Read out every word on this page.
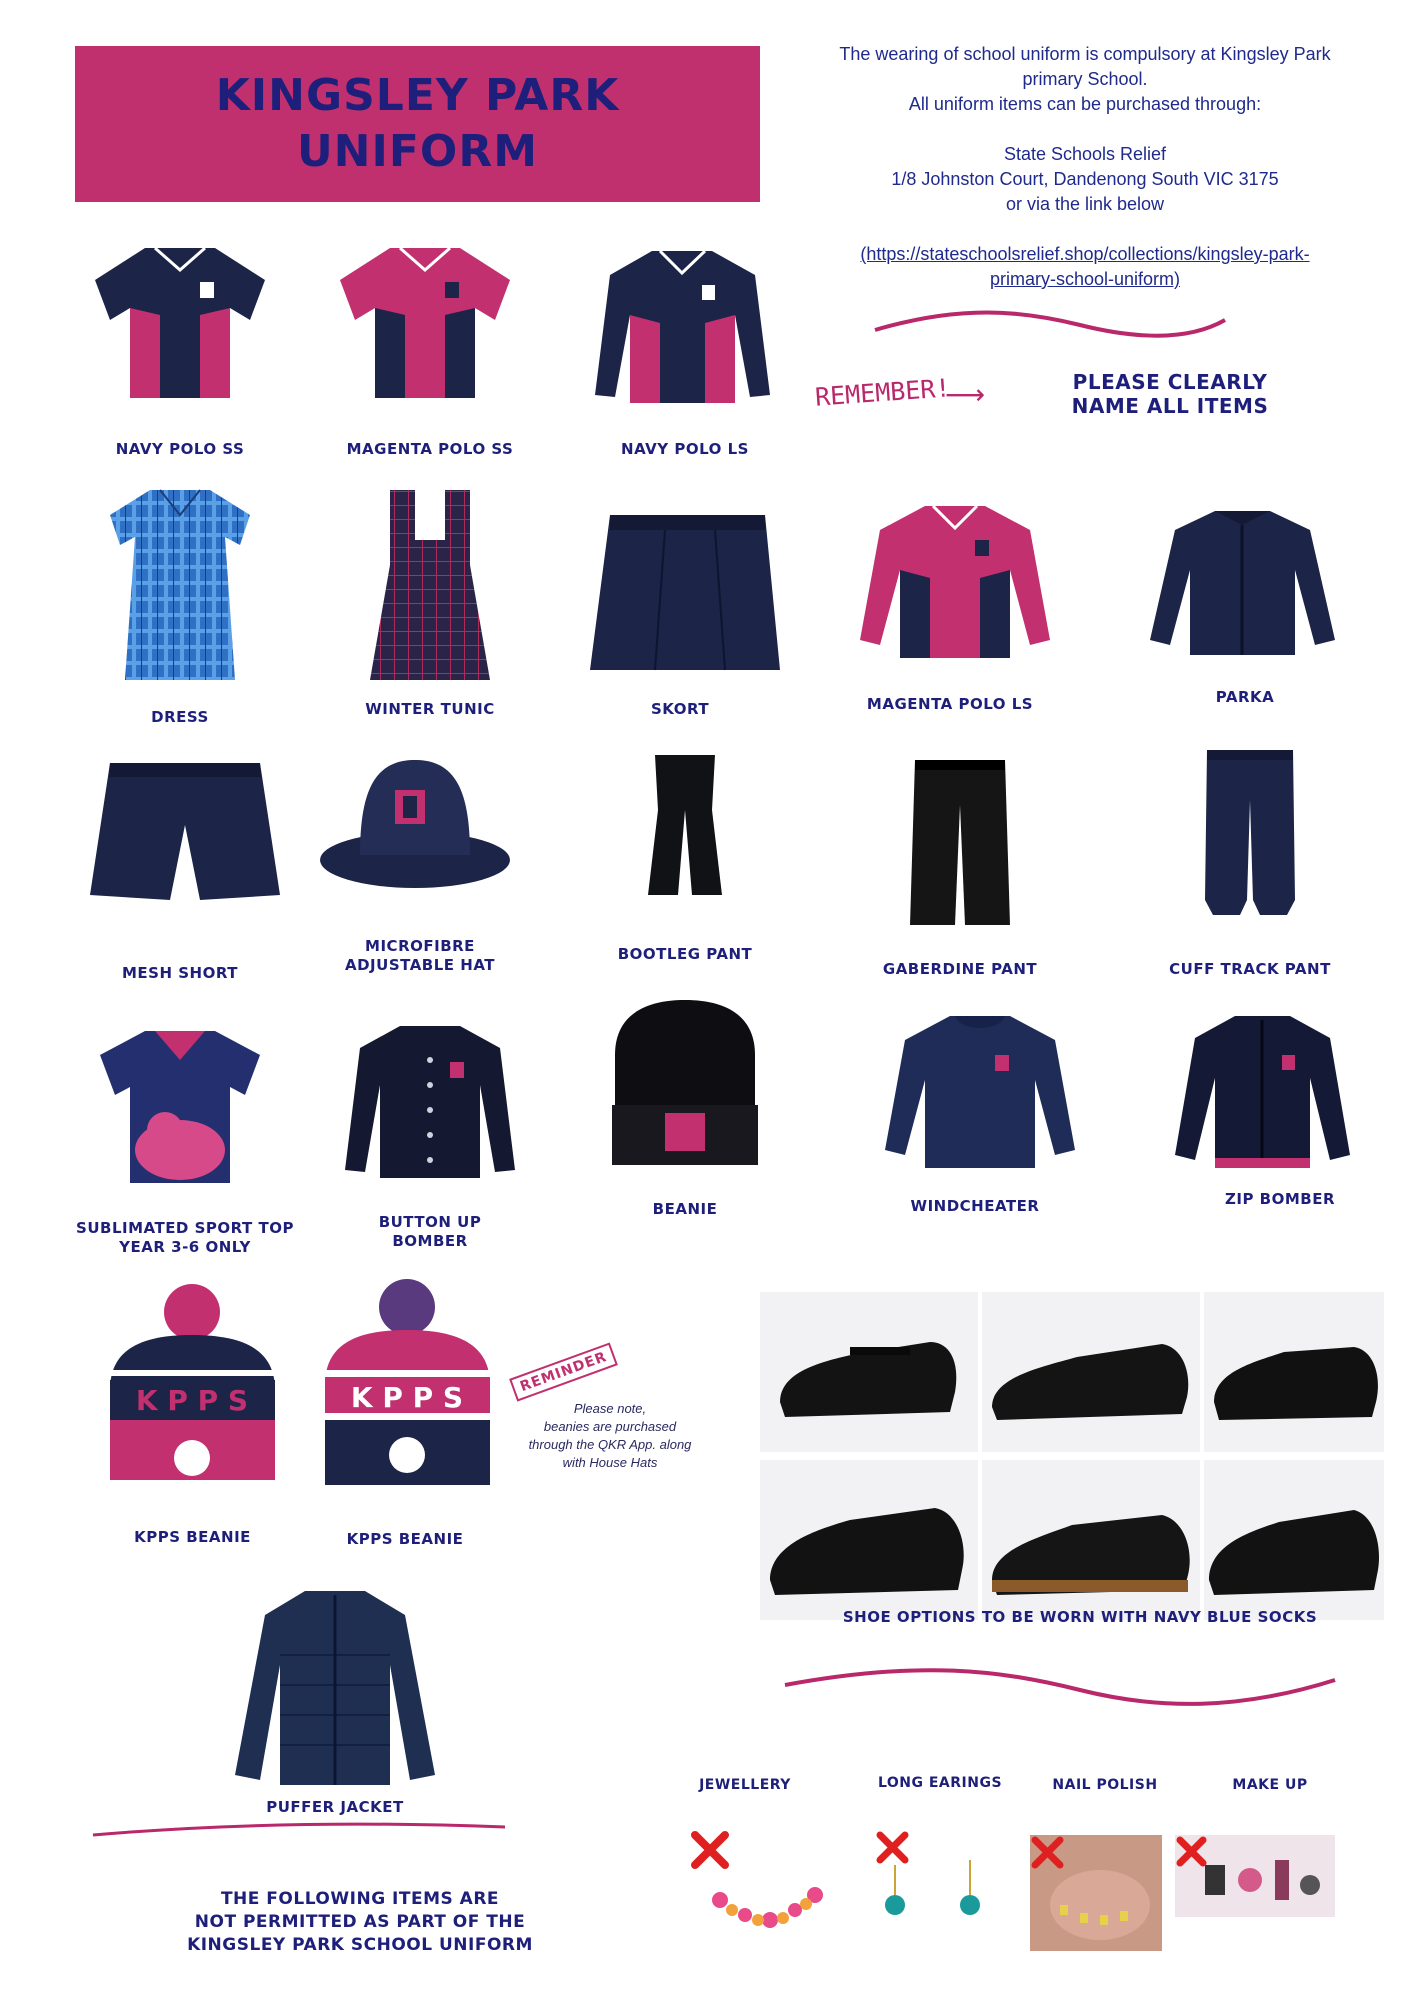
KINGSLEY PARK
UNIFORM

The wearing of school uniform is compulsory at Kingsley Park

primary School.

All uniform items can be purchased through:

State Schools Relief

1/8 Johnston Court, Dandenong South VIC 3175

or via the link below

(https://stateschoolsrelief.shop/collections/kingsley-park-
primary-school-uniform)

REMEMBER!
⟶	PLEASE CLEARLY
NAME ALL ITEMS
NAVY POLO SS	MAGENTA POLO SS	NAVY POLO LS
DRESS	WINTER TUNIC	SKORT	MAGENTA POLO LS	PARKA
MESH SHORT
MICROFIBRE
ADJUSTABLE HAT
BOOTLEG PANT
GABERDINE PANT	CUFF TRACK PANT
SUBLIMATED SPORT TOP
YEAR 3-6 ONLY
BUTTON UP
BOMBER
BEANIE	WINDCHEATER	ZIP BOMBER
K P P S	K P P S
REMINDER
Please note,
beanies are purchased
through the QKR App. along
with House Hats
KPPS BEANIE	KPPS BEANIE
PUFFER JACKET
SHOE OPTIONS TO BE WORN WITH NAVY BLUE SOCKS
JEWELLERY	LONG EARINGS	NAIL POLISH	MAKE UP
THE FOLLOWING ITEMS ARE
NOT PERMITTED AS PART OF THE
KINGSLEY PARK SCHOOL UNIFORM
